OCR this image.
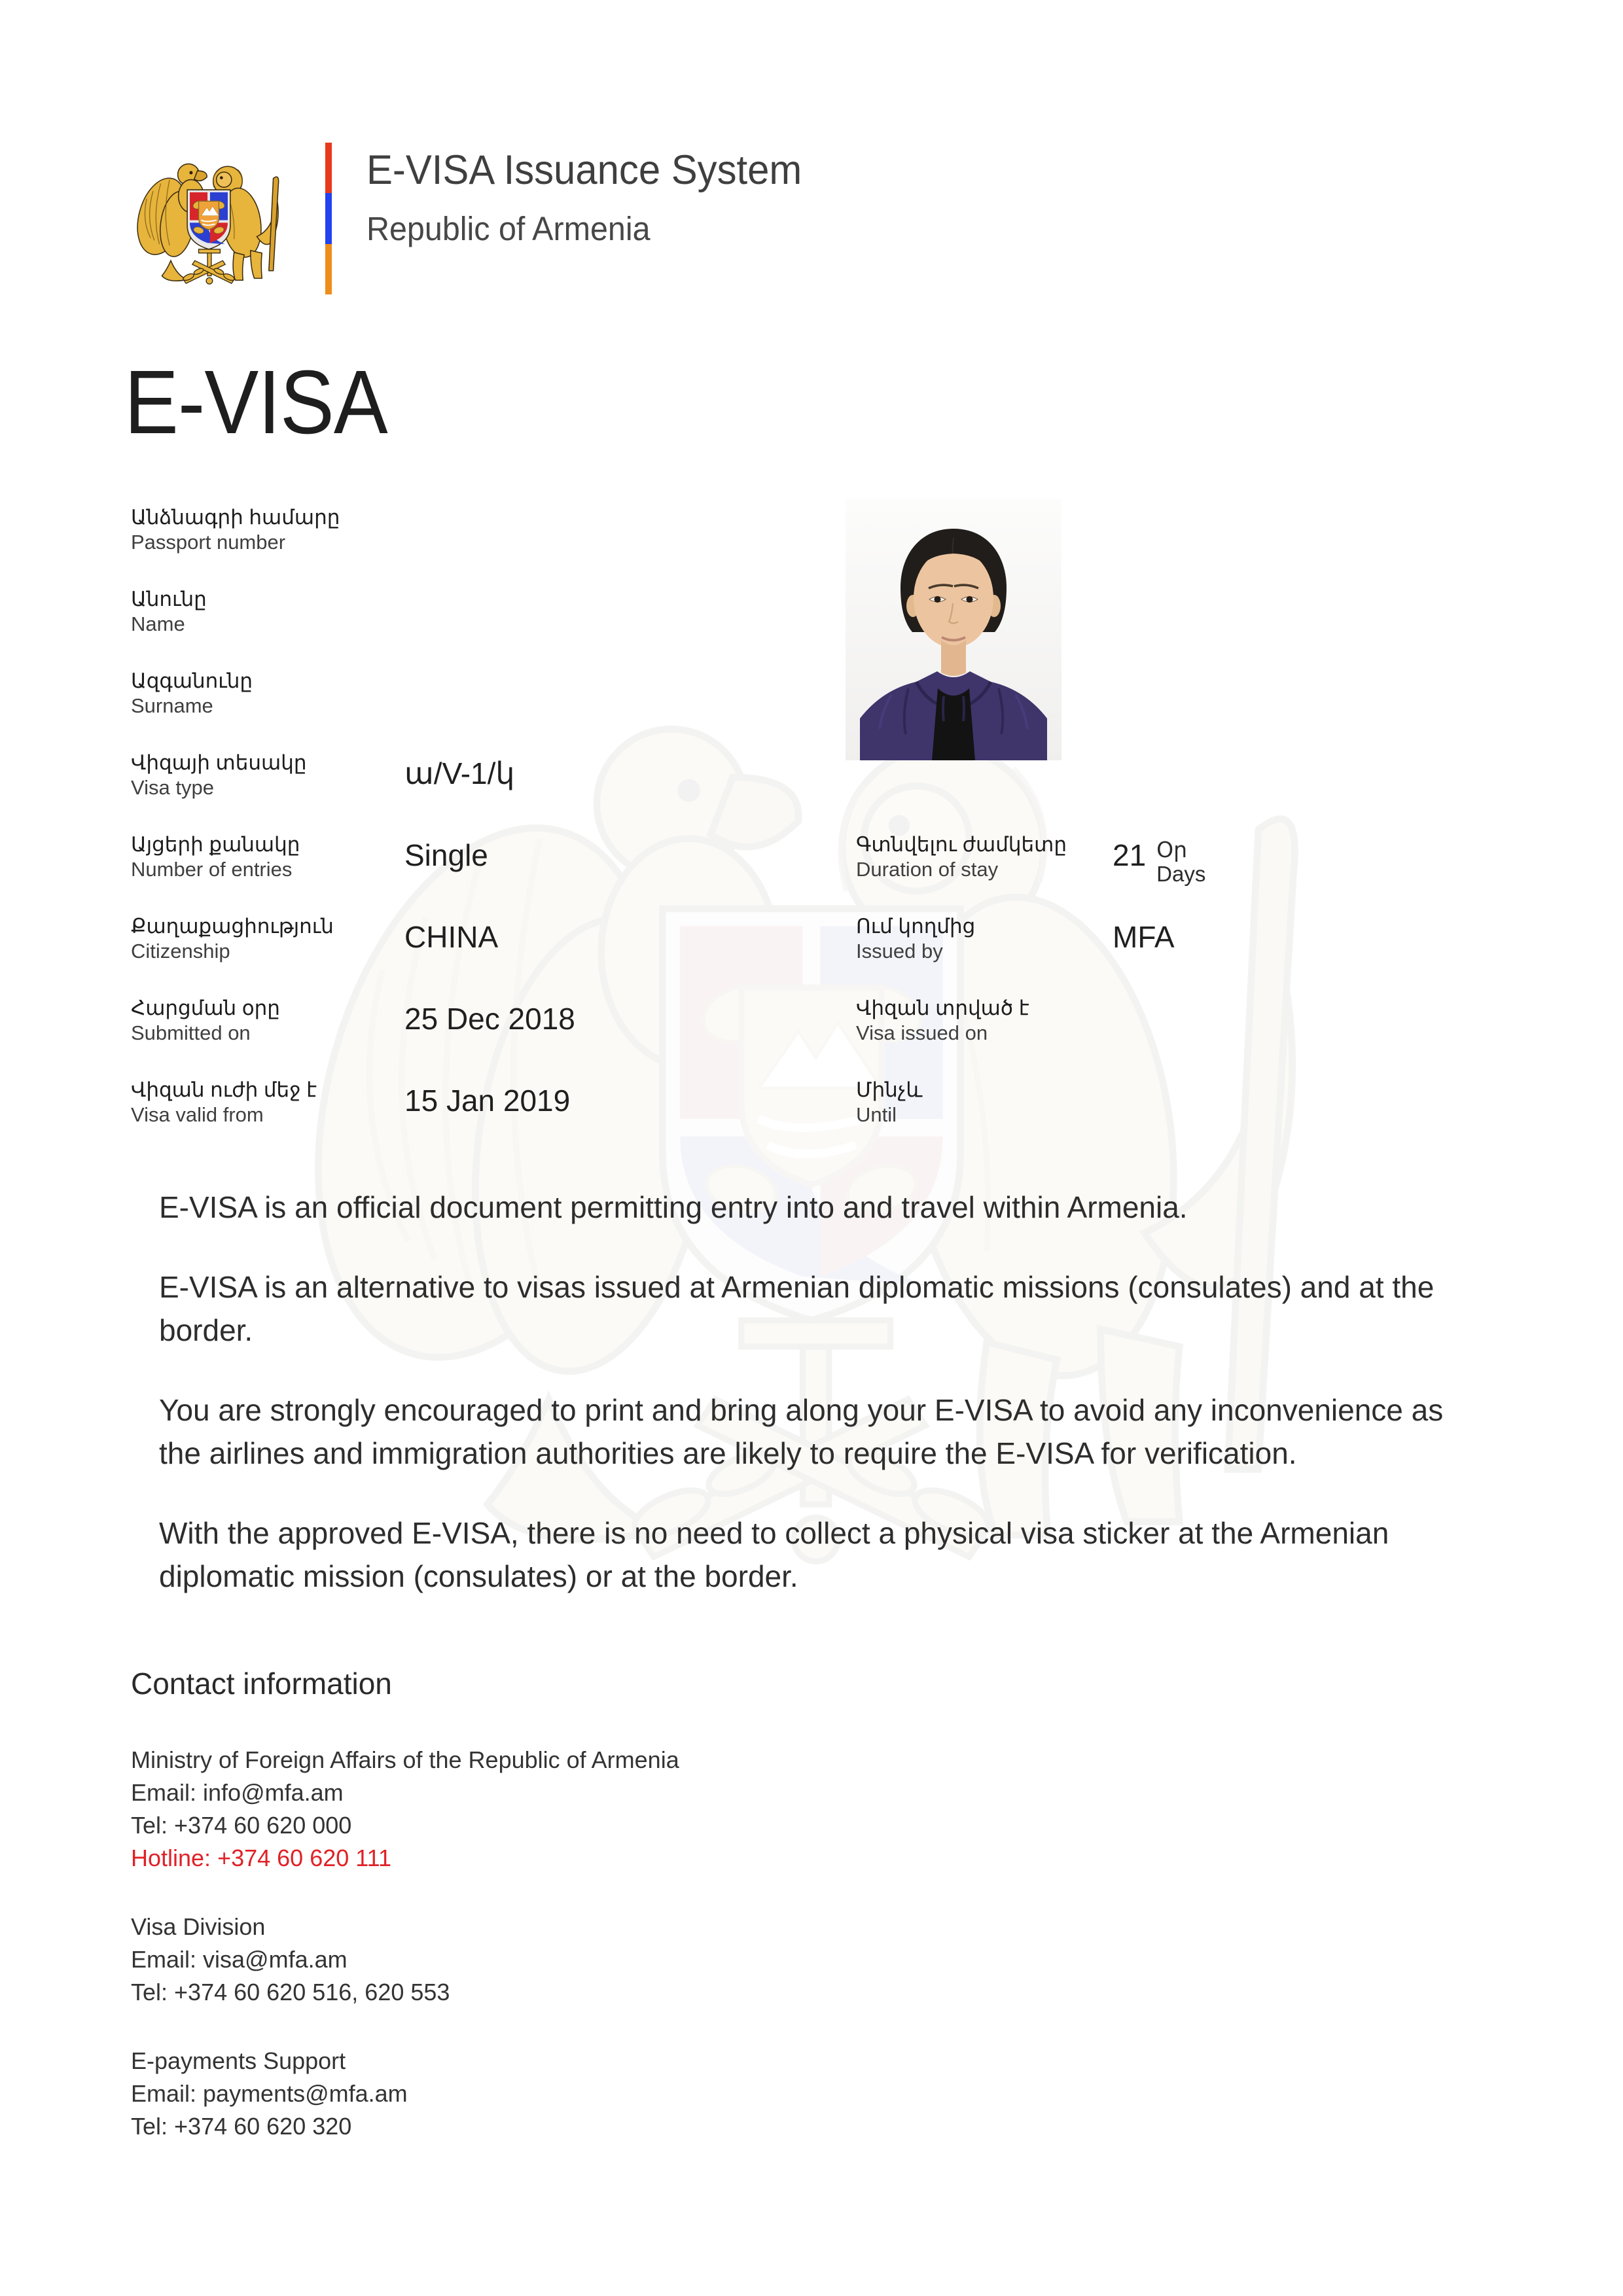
E-VISA Issuance System
Republic of Armenia
E-VISA
Անձնագրի համարը
Passport number
Անունը
Name
Ազգանունը
Surname
Վիզայի տեսակը
Visa type	ա/V-1/կ
Այցերի քանակը
Number of entries	Single
Քաղաքացիություն
Citizenship	CHINA
Հարցման օրը
Submitted on	25 Dec 2018
Վիզան ուժի մեջ է
Visa valid from	15 Jan 2019
Գտնվելու ժամկետը
Duration of stay	21 Օր
Days
Ում կողմից
Issued by	MFA
Վիզան տրված է
Visa issued on
Մինչև
Until

E-VISA is an official document permitting entry into and travel within Armenia.

E-VISA is an alternative to visas issued at Armenian diplomatic missions (consulates) and at the border.

You are strongly encouraged to print and bring along your E-VISA to avoid any inconvenience as the airlines and immigration authorities are likely to require the E-VISA for verification.

With the approved E-VISA, there is no need to collect a physical visa sticker at the Armenian diplomatic mission (consulates) or at the border.

Contact information
Ministry of Foreign Affairs of the Republic of Armenia
Email: info@mfa.am
Tel: +374 60 620 000
Hotline: +374 60 620 111
Visa Division
Email: visa@mfa.am
Tel: +374 60 620 516, 620 553
E-payments Support
Email: payments@mfa.am
Tel: +374 60 620 320
